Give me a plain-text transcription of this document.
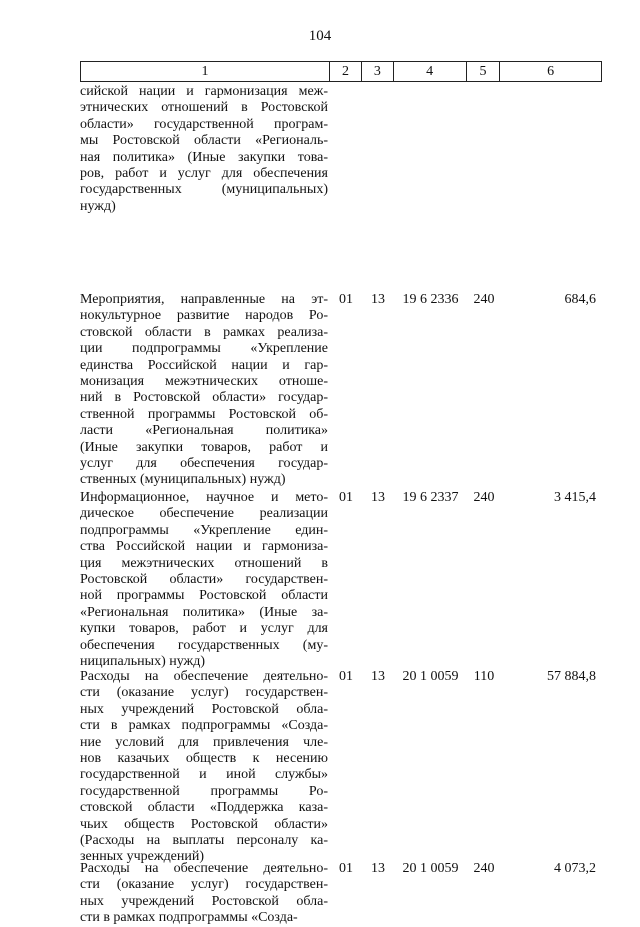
104
1	2	3	4	5	6
сийской нации и гармонизация меж-
этнических отношений в Ростовской
области» государственной програм-
мы Ростовской области «Региональ-
ная политика» (Иные закупки това-
ров, работ и услуг для обеспечения
государственных (муниципальных)
нужд)
Мероприятия, направленные на эт-
нокультурное развитие народов Ро-
стовской области в рамках реализа-
ции подпрограммы «Укрепление
единства Российской нации и гар-
монизация межэтнических отноше-
ний в Ростовской области» государ-
ственной программы Ростовской об-
ласти «Региональная политика»
(Иные закупки товаров, работ и
услуг для обеспечения государ-
ственных (муниципальных) нужд)
01	13	19 6 2336	240	684,6
Информационное, научное и мето-
дическое обеспечение реализации
подпрограммы «Укрепление един-
ства Российской нации и гармониза-
ция межэтнических отношений в
Ростовской области» государствен-
ной программы Ростовской области
«Региональная политика» (Иные за-
купки товаров, работ и услуг для
обеспечения государственных (му-
ниципальных) нужд)
01	13	19 6 2337	240	3 415,4
Расходы на обеспечение деятельно-
сти (оказание услуг) государствен-
ных учреждений Ростовской обла-
сти в рамках подпрограммы «Созда-
ние условий для привлечения чле-
нов казачьих обществ к несению
государственной и иной службы»
государственной программы Ро-
стовской области «Поддержка каза-
чьих обществ Ростовской области»
(Расходы на выплаты персоналу ка-
зенных учреждений)
01	13	20 1 0059	110	57 884,8
Расходы на обеспечение деятельно-
сти (оказание услуг) государствен-
ных учреждений Ростовской обла-
сти в рамках подпрограммы «Созда-
01	13	20 1 0059	240	4 073,2
